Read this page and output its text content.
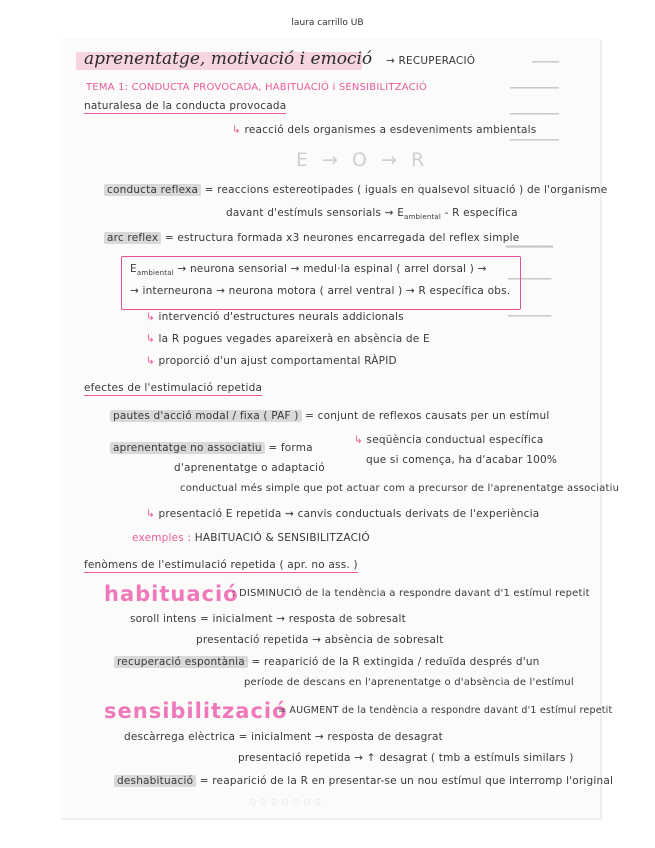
laura carrillo UB
━━━━━
━━━━━━━━━
━━━━━━━━━
━━━━━━━━━
━━━━━━
━━━━━━━━
━━━━━━━━
aprenentatge, motivació i emoció → RECUPERACIÓ
TEMA 1: CONDUCTA PROVOCADA, HABITUACIÓ i SENSIBILITZACIÓ
naturalesa de la conducta provocada
↳ reacció dels organismes a esdeveniments ambientals
E → O → R
conducta reflexa = reaccions estereotipades ( iguals en qualsevol situació ) de l'organisme
davant d'estímuls sensorials ⇝ $E_{ambiental}$ - R específica
arc reflex = estructura formada x3 neurones encarregada del reflex simple
$E_{ambiental}$ → neurona sensorial → medul·la espinal ( arrel dorsal ) →
→ interneurona → neurona motora ( arrel ventral ) → R específica obs.
↳ intervenció d'estructures neurals addicionals
↳ la R pogues vegades apareixerà en absència de E
↳ proporció d'un ajust comportamental RÀPID
efectes de l'estimulació repetida
pautes d'acció modal / fixa ( PAF ) = conjunt de reflexos causats per un estímul
↳ seqüència conductual específica
que si comença, ha d'acabar 100%
aprenentatge no associatiu = forma
d'aprenentatge o adaptació
conductual més simple que pot actuar com a precursor de l'aprenentatge associatiu
↳ presentació E repetida ⇝ canvis conductuals derivats de l'experiència
exemples : HABITUACIÓ & SENSIBILITZACIÓ
fenòmens de l'estimulació repetida ( apr. no ass. )
habituació
: DISMINUCIÓ de la tendència a respondre davant d'1 estímul repetit
soroll intens = inicialment → resposta de sobresalt
presentació repetida → absència de sobresalt
recuperació espontània = reaparició de la R extingida / reduïda després d'un
període de descans en l'aprenentatge o d'absència de l'estímul
sensibilització
= AUGMENT de la tendència a respondre davant d'1 estímul repetit
descàrrega elèctrica = inicialment → resposta de desagrat
presentació repetida → ↑ desagrat ( tmb a estímuls similars )
deshabituació = reaparició de la R en presentar-se un nou estímul que interromp l'original
◌ ◌ ◌ ◌ ◌ ◌ ◌
